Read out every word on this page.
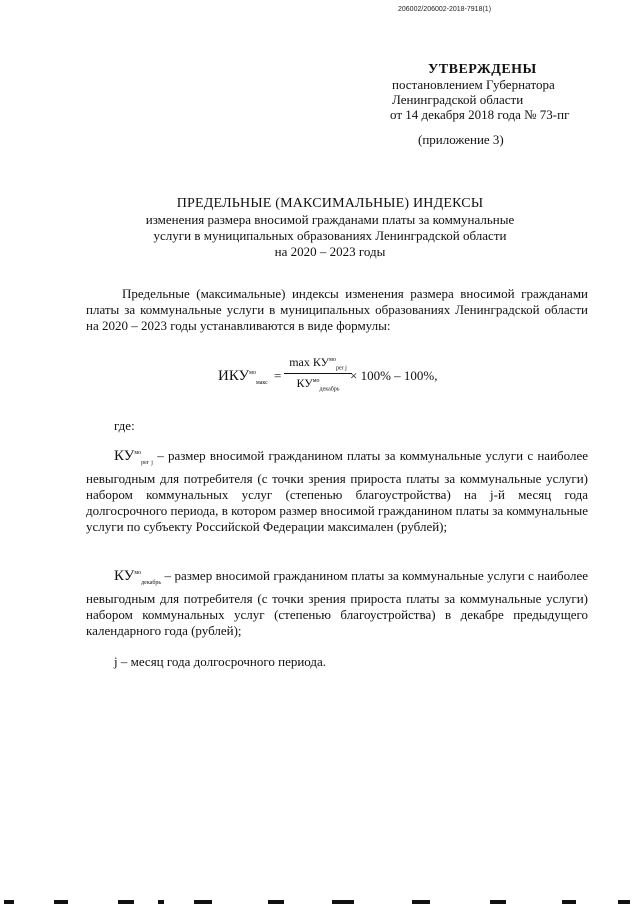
206002/206002-2018-7918(1)
УТВЕРЖДЕНЫ
постановлением Губернатора
Ленинградской области
от 14 декабря 2018 года № 73-пг
(приложение 3)
ПРЕДЕЛЬНЫЕ (МАКСИМАЛЬНЫЕ) ИНДЕКСЫ
изменения размера вносимой гражданами платы за коммунальные
услуги в муниципальных образованиях Ленинградской области
на 2020 – 2023 годы
Предельные (максимальные) индексы изменения размера вносимой гражданами платы за коммунальные услуги в муниципальных образованиях Ленинградской области на 2020 – 2023 годы устанавливаются в виде формулы:
$ИКУ^{мо}_{макс}$ =
$\max КУ^{мо}_{per j}$
$КУ^{мо}_{декабрь}$
× 100% – 100%,
где:
$КУ^{мо}_{per j}$ – размер вносимой гражданином платы за коммунальные услуги с наиболее невыгодным для потребителя (с точки зрения прироста платы за коммунальные услуги) набором коммунальных услуг (степенью благоустройства) на j-й месяц года долгосрочного периода, в котором размер вносимой гражданином платы за коммунальные услуги по субъекту Российской Федерации максимален (рублей);
$КУ^{мо}_{декабрь}$ – размер вносимой гражданином платы за коммунальные услуги с наиболее невыгодным для потребителя (с точки зрения прироста платы за коммунальные услуги) набором коммунальных услуг (степенью благоустройства) в декабре предыдущего календарного года (рублей);
j – месяц года долгосрочного периода.
